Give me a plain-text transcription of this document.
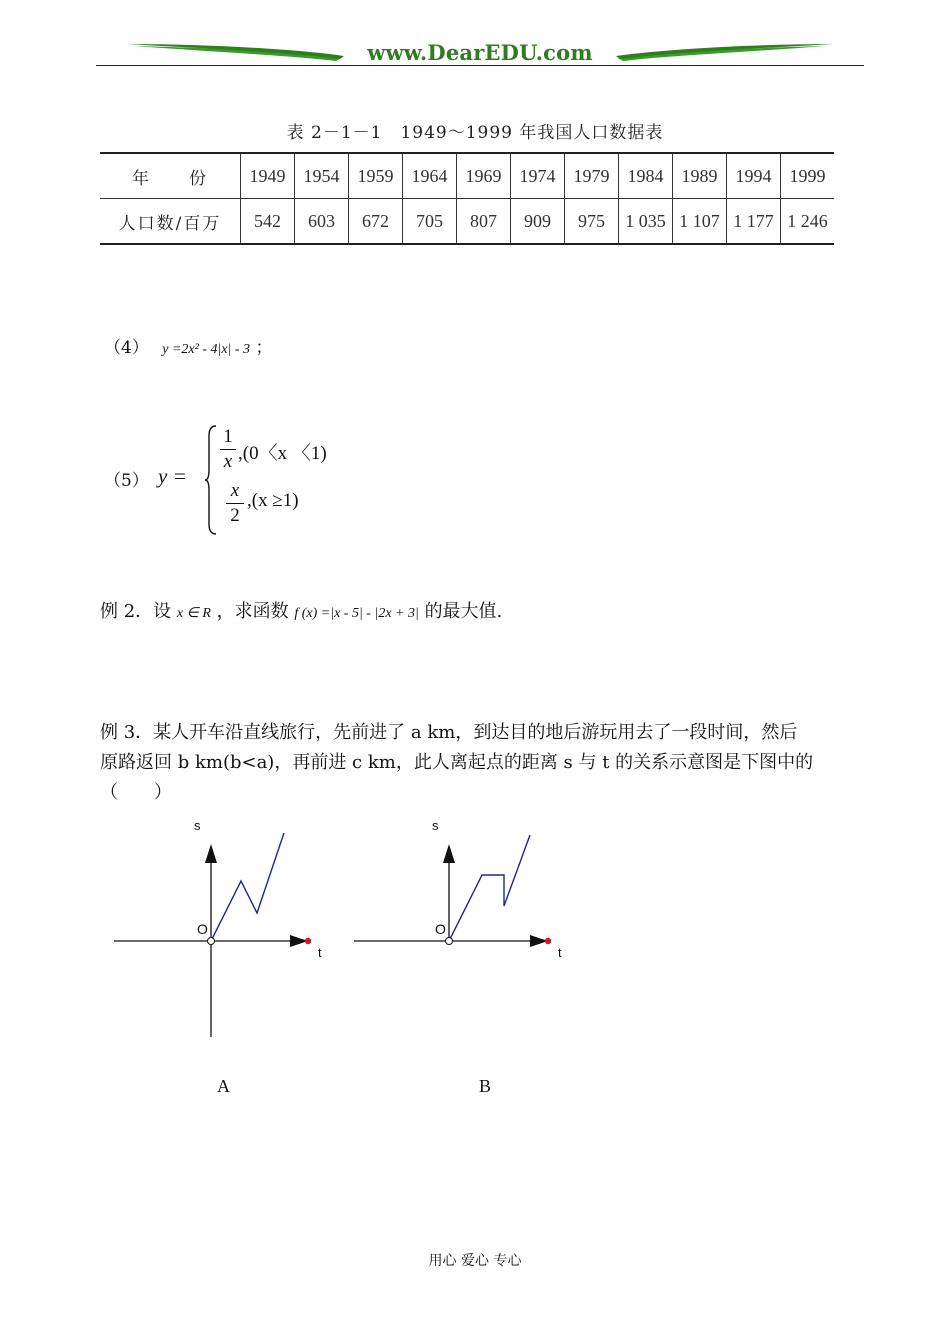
www.DearEDU.com
表 2－1－1　1949～1999 年我国人口数据表
年　　份	1949	1954	1959	1964	1969	1974	1979	1984	1989	1994	1999
人口数/百万	542	603	672	705	807	909	975	1 035	1 107	1 177	1 246
（4） y =2x² - 4|x| - 3 ；
（5） y =
1
x ,(0〈x 〈1)
x
2
,(x ≥1)
例 2．设 x ∈ R ，求函数 f (x) =|x - 5| - |2x + 3| 的最大值.
例 3．某人开车沿直线旅行，先前进了 a km，到达目的地后游玩用去了一段时间，然后
原路返回 b km(b<a)，再前进 c km，此人离起点的距离 s 与 t 的关系示意图是下图中的
（　　）
s
t
O
A
s
t
O
B
用心 爱心 专心
